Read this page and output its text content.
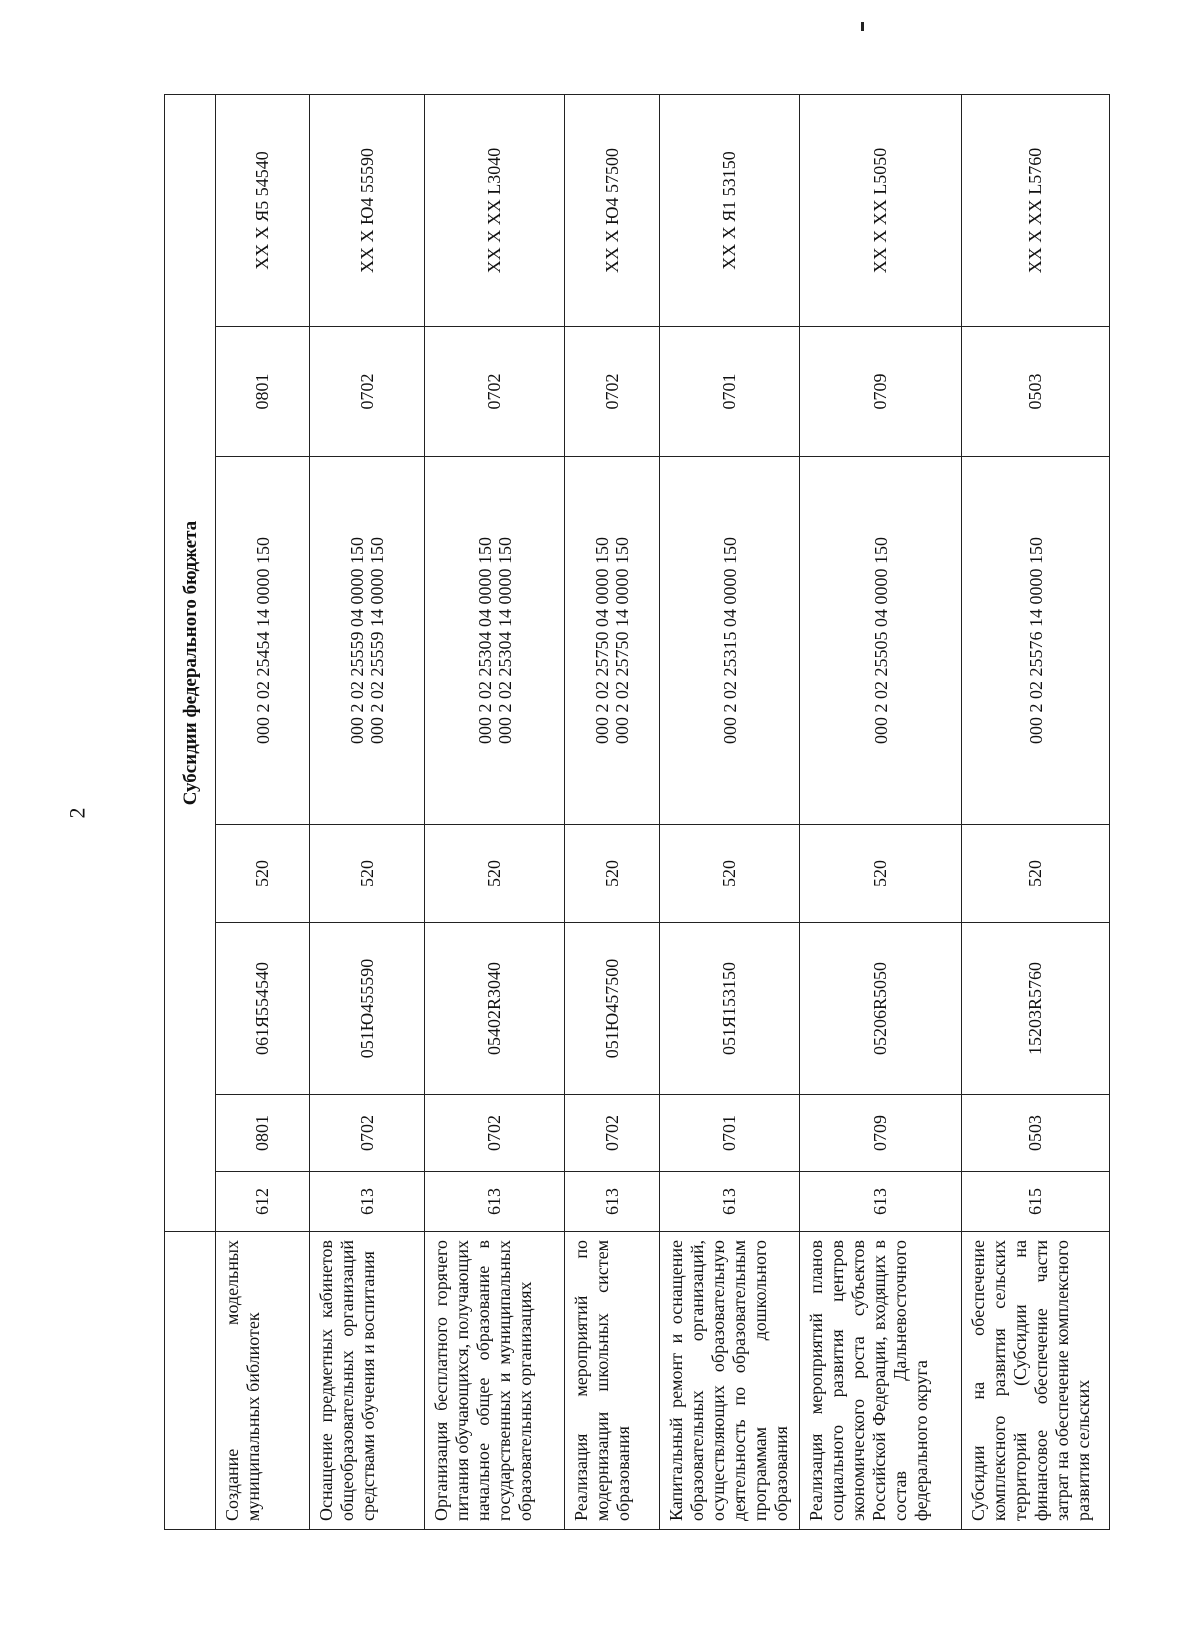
2
	Субсидии федерального бюджета						
Создание модельных муниципальных библиотек	612	0801	061Я554540	520	000 2 02 25454 14 0000 150	0801	XX X Я5 54540
Оснащение предметных кабинетов общеобразовательных организаций средствами обучения и воспитания	613	0702	051Ю455590	520	000 2 02 25559 04 0000 150 000 2 02 25559 14 0000 150	0702	XX X Ю4 55590
Организация бесплатного горячего питания обучающихся, получающих начальное общее образование в государственных и муниципальных образовательных организациях	613	0702	05402R3040	520	000 2 02 25304 04 0000 150 000 2 02 25304 14 0000 150	0702	XX X XX L3040
Реализация мероприятий по модернизации школьных систем образования	613	0702	051Ю457500	520	000 2 02 25750 04 0000 150 000 2 02 25750 14 0000 150	0702	XX X Ю4 57500
Капитальный ремонт и оснащение образовательных организаций, осуществляющих образовательную деятельность по образовательным программам дошкольного образования	613	0701	051Я153150	520	000 2 02 25315 04 0000 150	0701	XX X Я1 53150
Реализация мероприятий планов социального развития центров экономического роста субъектов Российской Федерации, входящих в состав Дальневосточного федерального округа	613	0709	05206R5050	520	000 2 02 25505 04 0000 150	0709	XX X XX L5050
Субсидии на обеспечение комплексного развития сельских территорий (Субсидии на финансовое обеспечение части затрат на обеспечение комплексного развития сельских	615	0503	15203R5760	520	000 2 02 25576 14 0000 150	0503	XX X XX L5760
